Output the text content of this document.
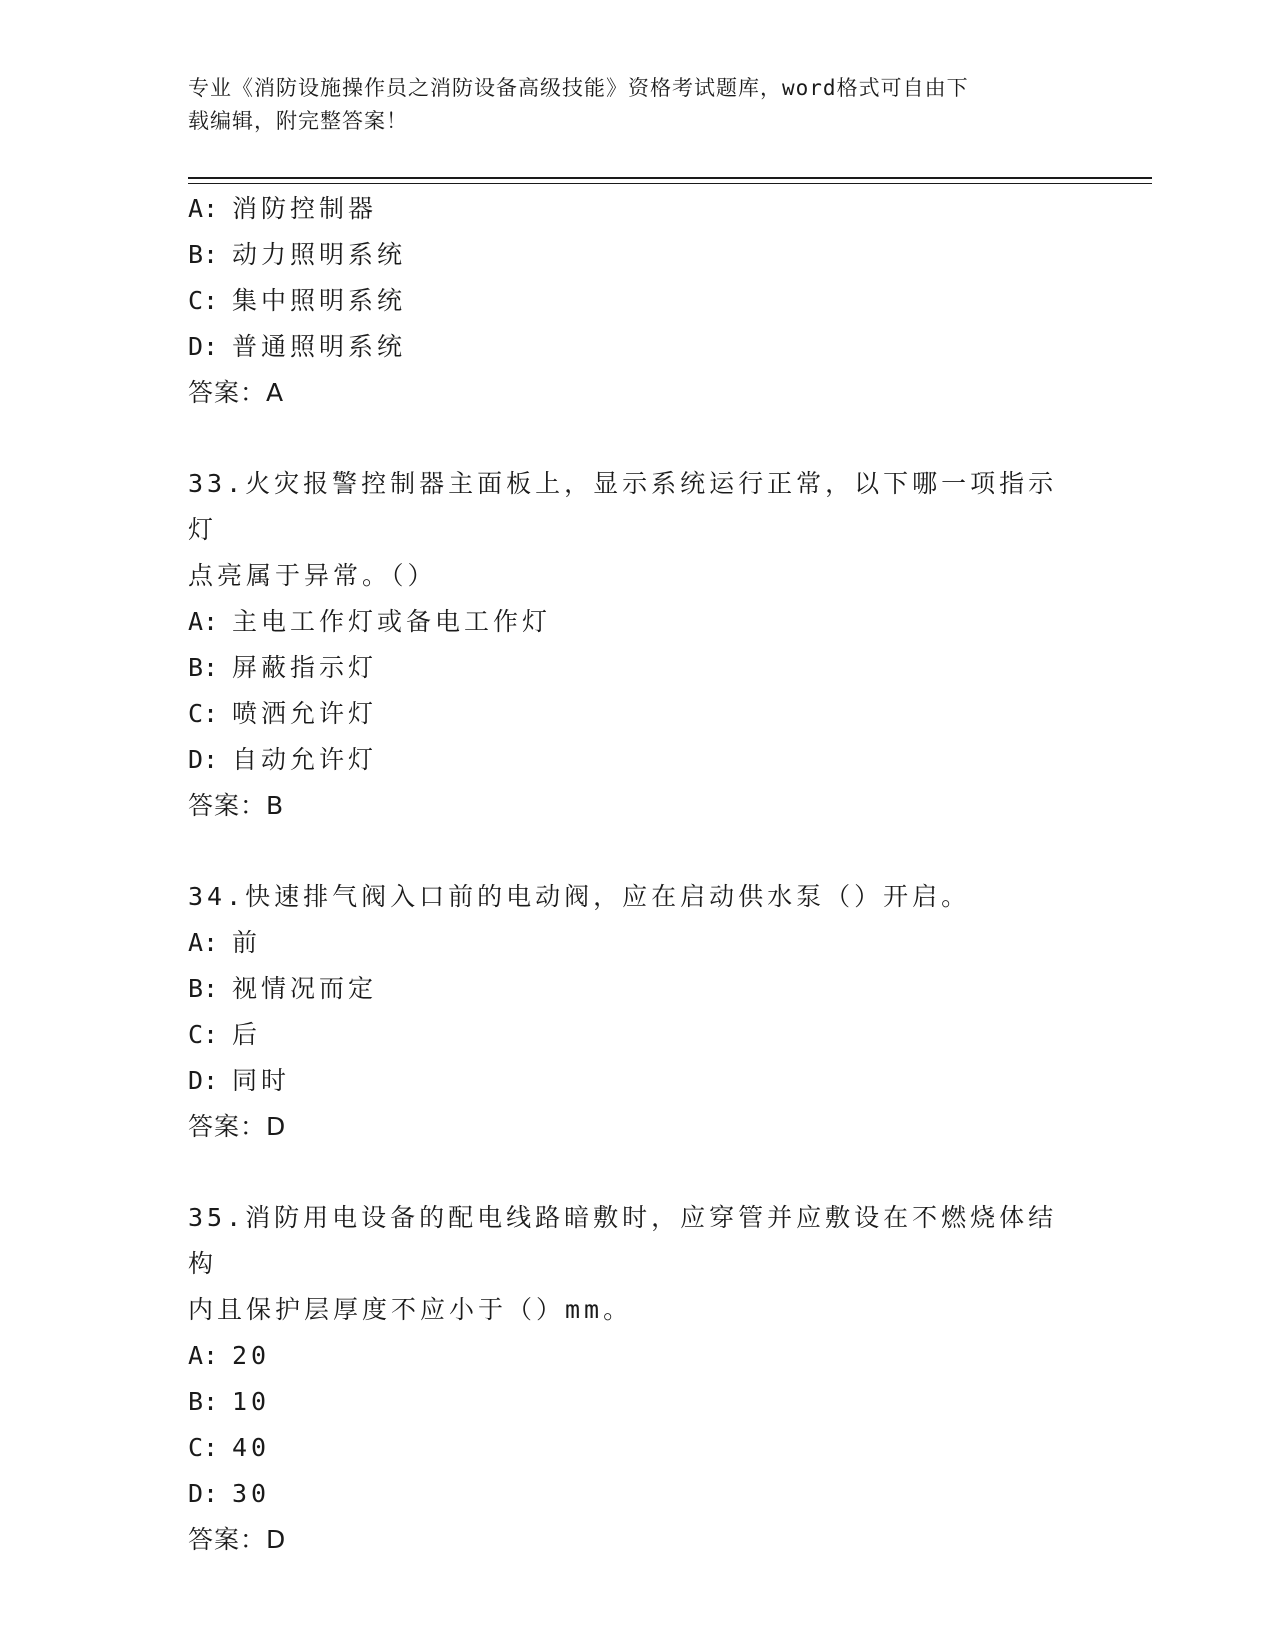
专业《消防设施操作员之消防设备高级技能》资格考试题库，word格式可自由下
载编辑，附完整答案！
A: 消防控制器
B: 动力照明系统
C: 集中照明系统
D: 普通照明系统
答案：A
33.火灾报警控制器主面板上，显示系统运行正常，以下哪一项指示灯
点亮属于异常。（）
A: 主电工作灯或备电工作灯
B: 屏蔽指示灯
C: 喷洒允许灯
D: 自动允许灯
答案：B
34.快速排气阀入口前的电动阀，应在启动供水泵（）开启。
A: 前
B: 视情况而定
C: 后
D: 同时
答案：D
35.消防用电设备的配电线路暗敷时，应穿管并应敷设在不燃烧体结构
内且保护层厚度不应小于（）mm。
A: 20
B: 10
C: 40
D: 30
答案：D
